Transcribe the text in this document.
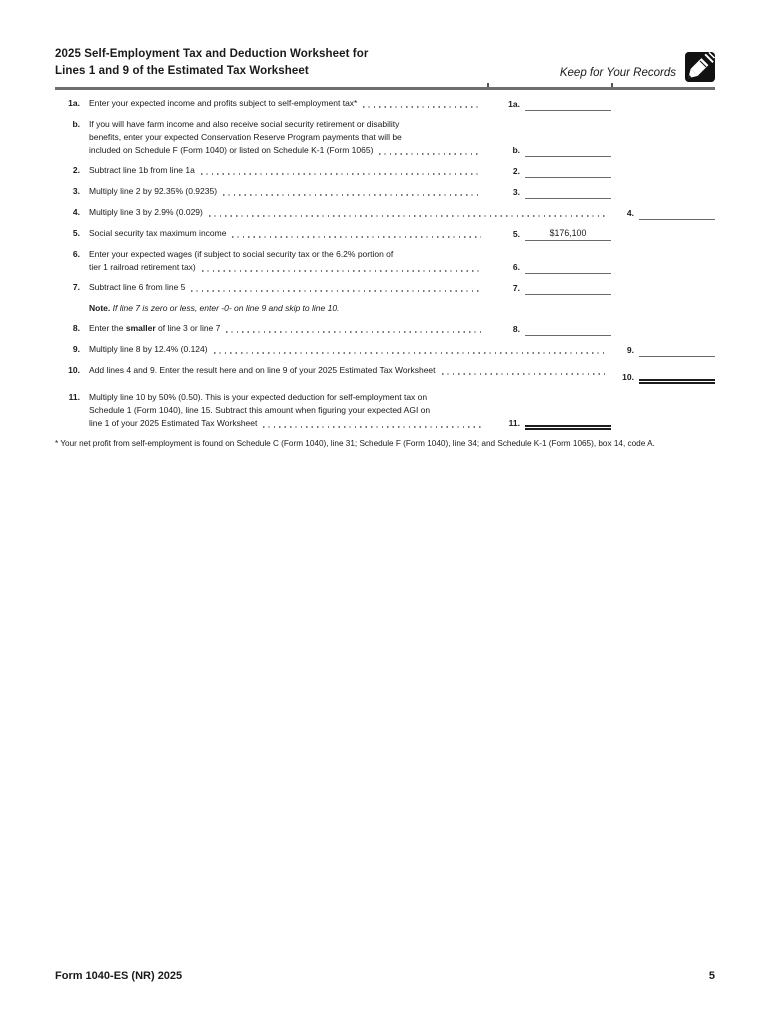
2025 Self-Employment Tax and Deduction Worksheet for
Lines 1 and 9 of the Estimated Tax Worksheet	Keep for Your Records
1a. Enter your expected income and profits subject to self-employment tax*	1a.
b. If you will have farm income and also receive social security retirement or disability
benefits, enter your expected Conservation Reserve Program payments that will be
included on Schedule F (Form 1040) or listed on Schedule K-1 (Form 1065)	b.
2. Subtract line 1b from line 1a	2.
3. Multiply line 2 by 92.35% (0.9235)	3.
4. Multiply line 3 by 2.9% (0.029)	4.
5. Social security tax maximum income	5.	$176,100
6. Enter your expected wages (if subject to social security tax or the 6.2% portion of
tier 1 railroad retirement tax)	6.
7. Subtract line 6 from line 5	7.
Note. If line 7 is zero or less, enter -0- on line 9 and skip to line 10.
8. Enter the smaller of line 3 or line 7	8.
9. Multiply line 8 by 12.4% (0.124)	9.
10. Add lines 4 and 9. Enter the result here and on line 9 of your 2025 Estimated Tax Worksheet
10.
11. Multiply line 10 by 50% (0.50). This is your expected deduction for self-employment tax on
Schedule 1 (Form 1040), line 15. Subtract this amount when figuring your expected AGI on
line 1 of your 2025 Estimated Tax Worksheet	11.
* Your net profit from self-employment is found on Schedule C (Form 1040), line 31; Schedule F (Form 1040), line 34; and Schedule K-1 (Form 1065), box 14, code A.
Form 1040-ES (NR) 2025	5
